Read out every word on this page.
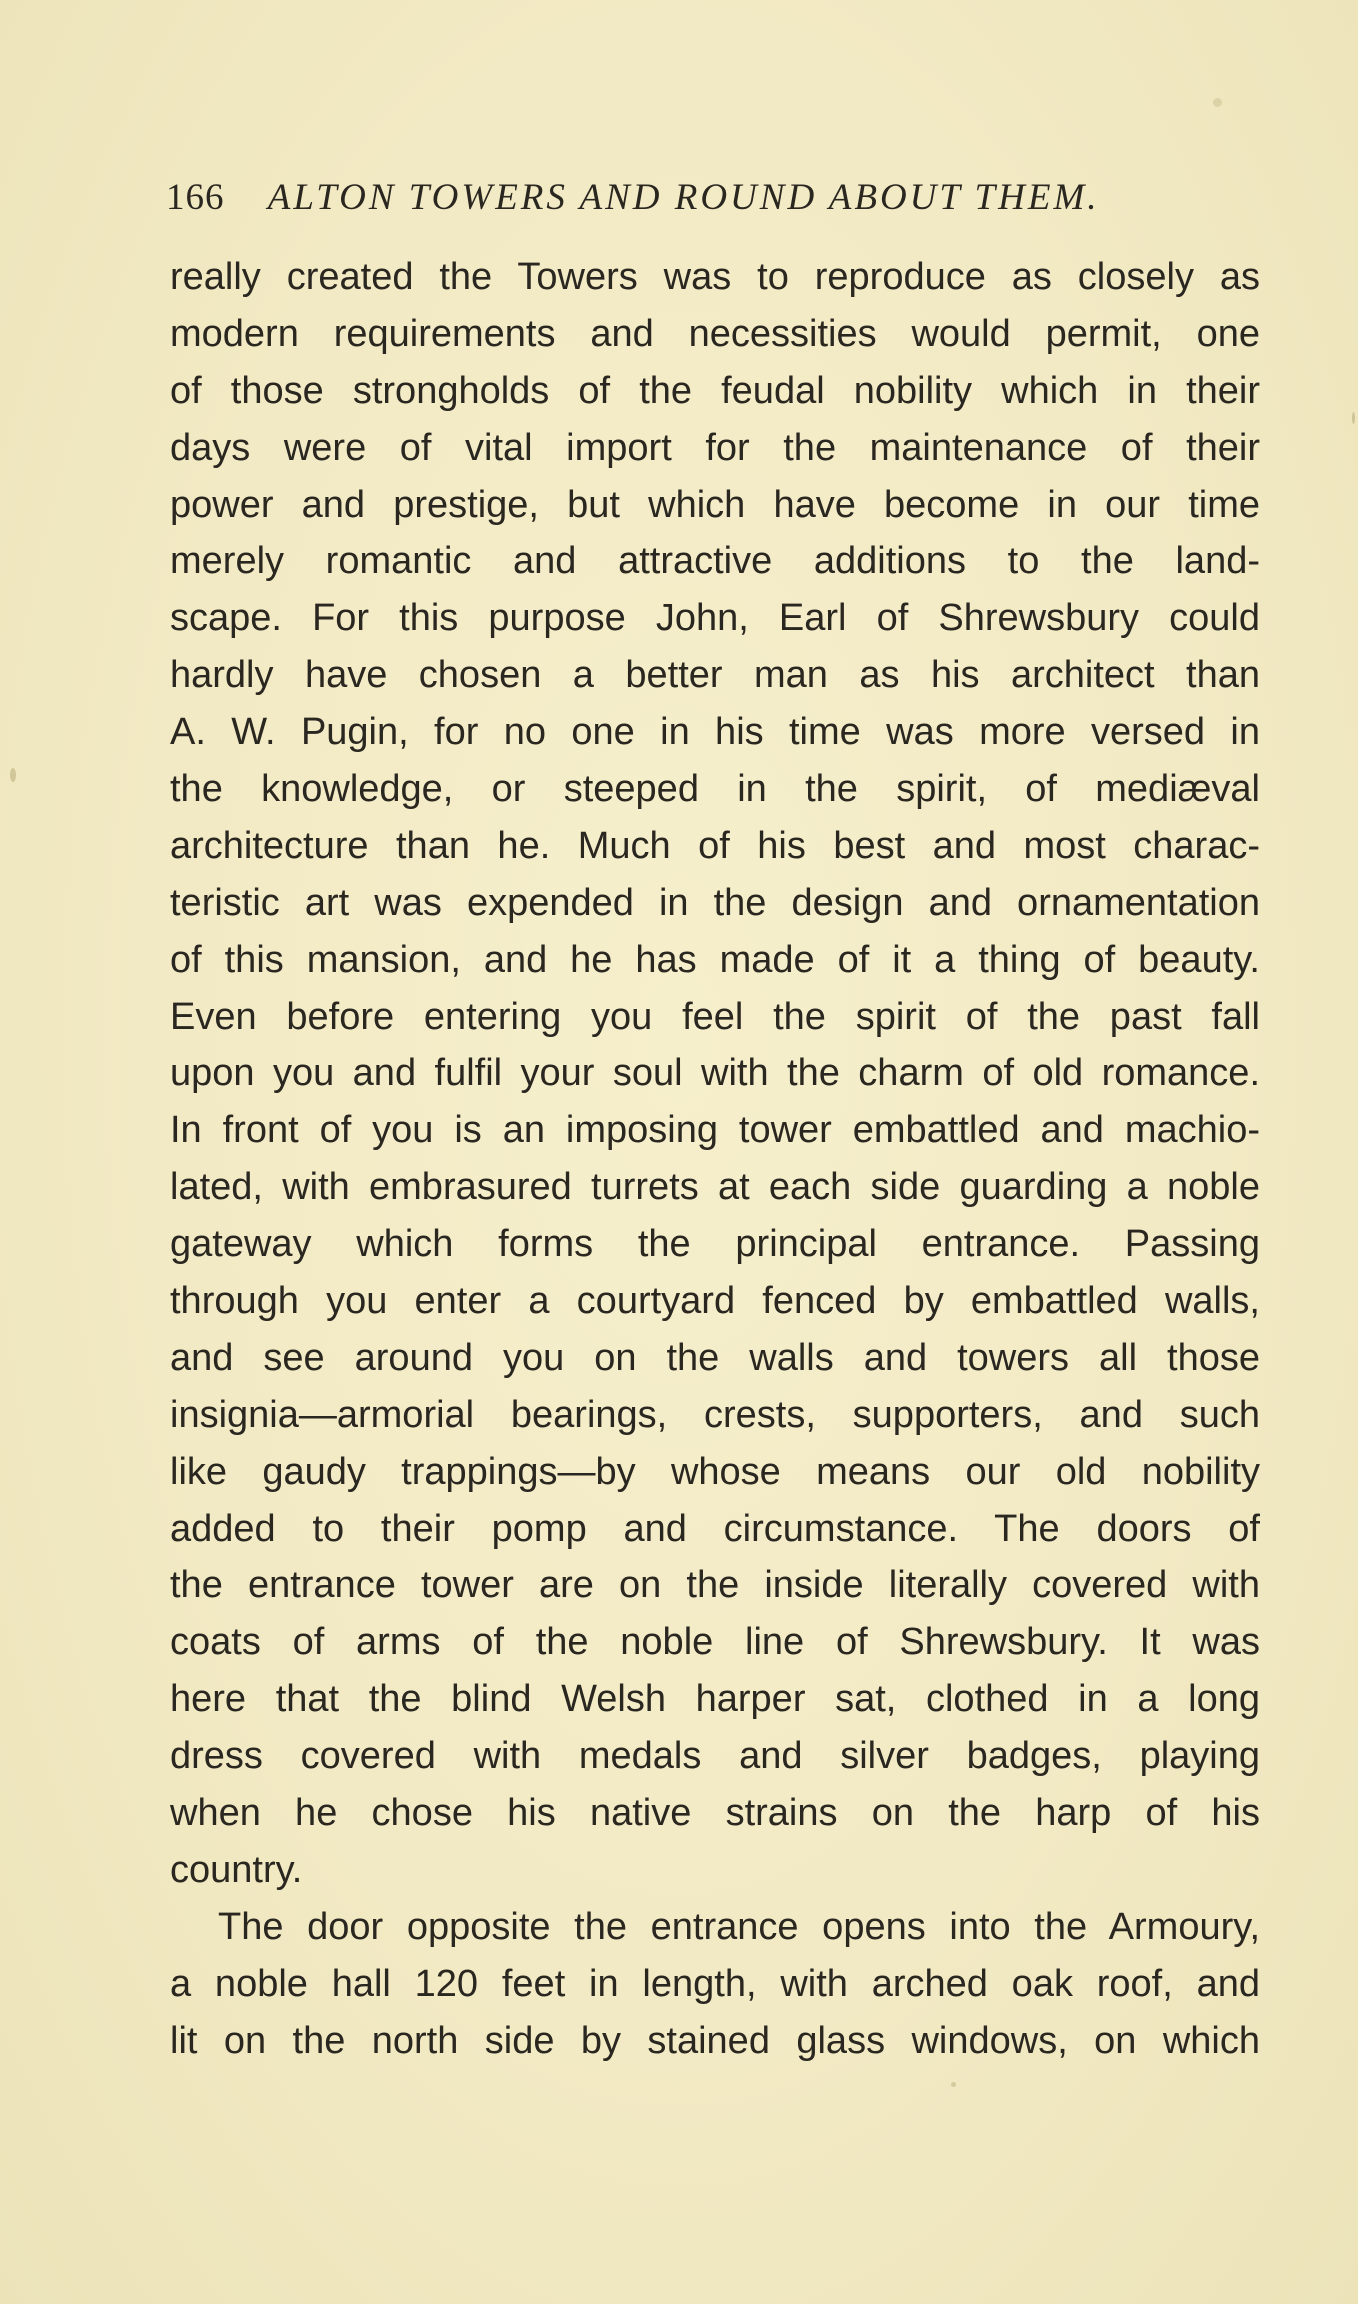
166 ALTON TOWERS AND ROUND ABOUT THEM.
really created the Towers was to reproduce as closely as
modern requirements and necessities would permit, one
of those strongholds of the feudal nobility which in their
days were of vital import for the maintenance of their
power and prestige, but which have become in our time
merely romantic and attractive additions to the land-
scape. For this purpose John, Earl of Shrewsbury could
hardly have chosen a better man as his architect than
A. W. Pugin, for no one in his time was more versed in
the knowledge, or steeped in the spirit, of mediæval
architecture than he. Much of his best and most charac-
teristic art was expended in the design and ornamentation
of this mansion, and he has made of it a thing of beauty.
Even before entering you feel the spirit of the past fall
upon you and fulfil your soul with the charm of old romance.
In front of you is an imposing tower embattled and machio-
lated, with embrasured turrets at each side guarding a noble
gateway which forms the principal entrance. Passing
through you enter a courtyard fenced by embattled walls,
and see around you on the walls and towers all those
insignia—armorial bearings, crests, supporters, and such
like gaudy trappings—by whose means our old nobility
added to their pomp and circumstance. The doors of
the entrance tower are on the inside literally covered with
coats of arms of the noble line of Shrewsbury. It was
here that the blind Welsh harper sat, clothed in a long
dress covered with medals and silver badges, playing
when he chose his native strains on the harp of his
country.
The door opposite the entrance opens into the Armoury,
a noble hall 120 feet in length, with arched oak roof, and
lit on the north side by stained glass windows, on which
